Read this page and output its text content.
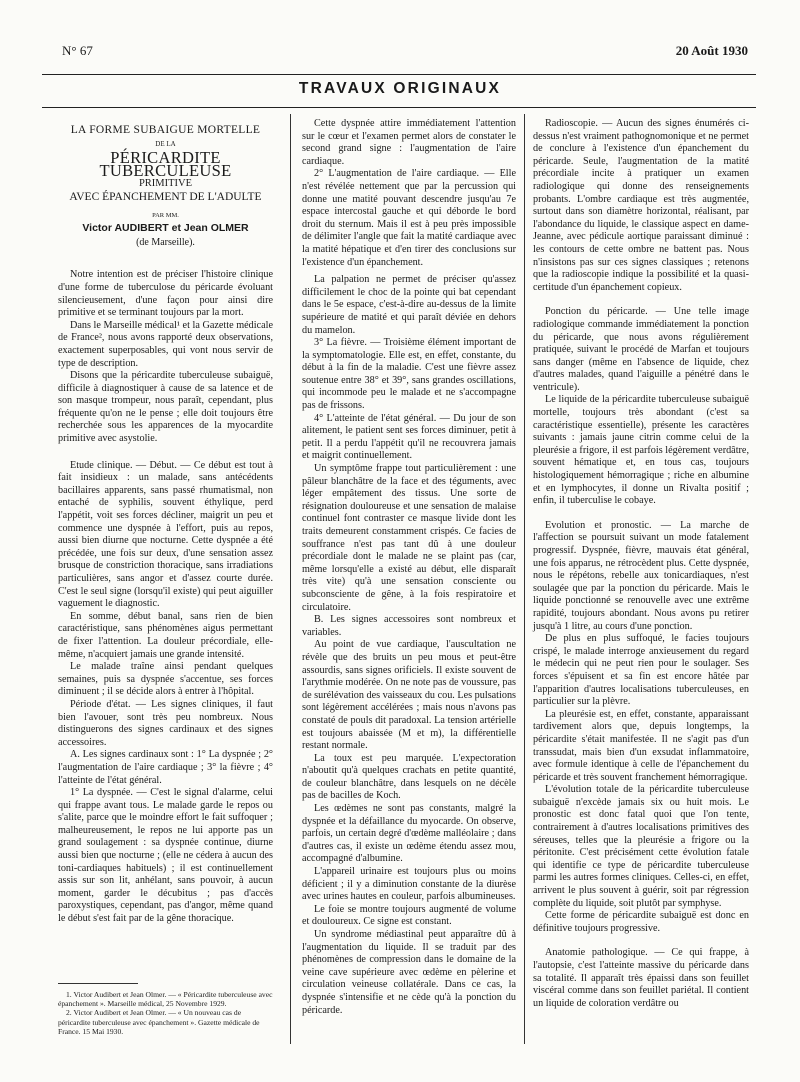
N° 67	20 Août 1930
TRAVAUX ORIGINAUX
LA FORME SUBAIGUE MORTELLE
DE LA
PÉRICARDITE TUBERCULEUSE
PRIMITIVE
AVEC ÉPANCHEMENT DE L'ADULTE
PAR MM.
Victor AUDIBERT et Jean OLMER
(de Marseille).

Notre intention est de préciser l'histoire clinique d'une forme de tuberculose du péricarde évoluant silencieusement, d'une façon pour ainsi dire primitive et se terminant toujours par la mort.

Dans le Marseille médical¹ et la Gazette médicale de France², nous avons rapporté deux observations, exactement superposables, qui vont nous servir de type de description.

Disons que la péricardite tuberculeuse subaiguë, difficile à diagnostiquer à cause de sa latence et de son masque trompeur, nous paraît, cependant, plus fréquente qu'on ne le pense ; elle doit toujours être recherchée sous les apparences de la myocardite primitive avec asystolie.

Etude clinique. — Début. — Ce début est tout à fait insidieux : un malade, sans antécédents bacillaires apparents, sans passé rhumatismal, non entaché de syphilis, souvent éthylique, perd l'appétit, voit ses forces décliner, maigrit un peu et commence une dyspnée à l'effort, puis au repos, aussi bien diurne que nocturne. Cette dyspnée a été précédée, une fois sur deux, d'une sensation assez brusque de constriction thoracique, sans irradiations particulières, sans angor et d'assez courte durée. C'est le seul signe (lorsqu'il existe) qui peut aiguiller vaguement le diagnostic.

En somme, début banal, sans rien de bien caractéristique, sans phénomènes aigus permettant de fixer l'attention. La douleur précordiale, elle-même, n'acquiert jamais une grande intensité.

Le malade traîne ainsi pendant quelques semaines, puis sa dyspnée s'accentue, ses forces diminuent ; il se décide alors à entrer à l'hôpital.

Période d'état. — Les signes cliniques, il faut bien l'avouer, sont très peu nombreux. Nous distinguerons des signes cardinaux et des signes accessoires.

A. Les signes cardinaux sont : 1° La dyspnée ; 2° l'augmentation de l'aire cardiaque ; 3° la fièvre ; 4° l'atteinte de l'état général.

1° La dyspnée. — C'est le signal d'alarme, celui qui frappe avant tous. Le malade garde le repos ou s'alite, parce que le moindre effort le fait suffoquer ; malheureusement, le repos ne lui apporte pas un grand soulagement : sa dyspnée continue, diurne aussi bien que nocturne ; (elle ne cédera à aucun des toni-cardiaques habituels) ; il est continuellement assis sur son lit, anhélant, sans pouvoir, à aucun moment, garder le décubitus ; pas d'accès paroxystiques, cependant, pas d'angor, même quand le début s'est fait par de la gêne thoracique.

1. Victor Audibert et Jean Olmer. — « Péricardite tuberculeuse avec épanchement ». Marseille médical, 25 Novembre 1929.

2. Victor Audibert et Jean Olmer. — « Un nouveau cas de péricardite tuberculeuse avec épanchement ». Gazette médicale de France. 15 Mai 1930.

Cette dyspnée attire immédiatement l'attention sur le cœur et l'examen permet alors de constater le second grand signe : l'augmentation de l'aire cardiaque.

2° L'augmentation de l'aire cardiaque. — Elle n'est révélée nettement que par la percussion qui donne une matité pouvant descendre jusqu'au 7e espace intercostal gauche et qui déborde le bord droit du sternum. Mais il est à peu près impossible de délimiter l'angle que fait la matité cardiaque avec la matité hépatique et d'en tirer des conclusions sur l'existence d'un épanchement.

La palpation ne permet de préciser qu'assez difficilement le choc de la pointe qui bat cependant dans le 5e espace, c'est-à-dire au-dessus de la limite supérieure de matité et qui paraît déviée en dehors du mamelon.

3° La fièvre. — Troisième élément important de la symptomatologie. Elle est, en effet, constante, du début à la fin de la maladie. C'est une fièvre assez soutenue entre 38° et 39°, sans grandes oscillations, qui incommode peu le malade et ne s'accompagne pas de frissons.

4° L'atteinte de l'état général. — Du jour de son alitement, le patient sent ses forces diminuer, petit à petit. Il a perdu l'appétit qu'il ne recouvrera jamais et maigrit continuellement.

Un symptôme frappe tout particulièrement : une pâleur blanchâtre de la face et des téguments, avec léger empâtement des tissus. Une sorte de résignation douloureuse et une sensation de malaise continuel font contraster ce masque livide dont les traits demeurent constamment crispés. Ce facies de souffrance n'est pas tant dû à une douleur précordiale dont le malade ne se plaint pas (car, même lorsqu'elle a existé au début, elle disparaît très vite) qu'à une sensation consciente ou subconsciente de gêne, à la fois respiratoire et circulatoire.

B. Les signes accessoires sont nombreux et variables.

Au point de vue cardiaque, l'auscultation ne révèle que des bruits un peu mous et peut-être assourdis, sans signes orificiels. Il existe souvent de l'arythmie modérée. On ne note pas de voussure, pas de surélévation des vaisseaux du cou. Les pulsations sont légèrement accélérées ; mais nous n'avons pas constaté de pouls dit paradoxal. La tension artérielle est toujours abaissée (M et m), la différentielle restant normale.

La toux est peu marquée. L'expectoration n'aboutit qu'à quelques crachats en petite quantité, de couleur blanchâtre, dans lesquels on ne décèle pas de bacilles de Koch.

Les œdèmes ne sont pas constants, malgré la dyspnée et la défaillance du myocarde. On observe, parfois, un certain degré d'œdème malléolaire ; dans d'autres cas, il existe un œdème étendu assez mou, accompagné d'albumine.

L'appareil urinaire est toujours plus ou moins déficient ; il y a diminution constante de la diurèse avec urines hautes en couleur, parfois albumineuses.

Le foie se montre toujours augmenté de volume et douloureux. Ce signe est constant.

Un syndrome médiastinal peut apparaître dû à l'augmentation du liquide. Il se traduit par des phénomènes de compression dans le domaine de la veine cave supérieure avec œdème en pèlerine et circulation veineuse collatérale. Dans ce cas, la dyspnée s'intensifie et ne cède qu'à la ponction du péricarde.

Radioscopie. — Aucun des signes énumérés ci-dessus n'est vraiment pathognomonique et ne permet de conclure à l'existence d'un épanchement du péricarde. Seule, l'augmentation de la matité précordiale incite à pratiquer un examen radiologique qui donne des renseignements probants. L'ombre cardiaque est très augmentée, surtout dans son diamètre horizontal, réalisant, par l'abondance du liquide, le classique aspect en dame-Jeanne, avec pédicule aortique paraissant diminué : les contours de cette ombre ne battent pas. Nous n'insistons pas sur ces signes classiques ; retenons que la radioscopie indique la possibilité et la quasi-certitude d'un épanchement copieux.

Ponction du péricarde. — Une telle image radiologique commande immédiatement la ponction du péricarde, que nous avons régulièrement pratiquée, suivant le procédé de Marfan et toujours sans danger (même en l'absence de liquide, chez d'autres malades, quand l'aiguille a pénétré dans le ventricule).

Le liquide de la péricardite tuberculeuse subaiguë mortelle, toujours très abondant (c'est sa caractéristique essentielle), présente les caractères suivants : jamais jaune citrin comme celui de la pleurésie a frigore, il est parfois légèrement verdâtre, souvent hématique et, en tous cas, toujours histologiquement hémorragique ; riche en albumine et en lymphocytes, il donne un Rivalta positif ; enfin, il tuberculise le cobaye.

Evolution et pronostic. — La marche de l'affection se poursuit suivant un mode fatalement progressif. Dyspnée, fièvre, mauvais état général, une fois apparus, ne rétrocèdent plus. Cette dyspnée, nous le répétons, rebelle aux tonicardiaques, n'est soulagée que par la ponction du péricarde. Mais le liquide ponctionné se renouvelle avec une extrême rapidité, toujours abondant. Nous avons pu retirer jusqu'à 1 litre, au cours d'une ponction.

De plus en plus suffoqué, le facies toujours crispé, le malade interroge anxieusement du regard le médecin qui ne peut rien pour le soulager. Ses forces s'épuisent et sa fin est encore hâtée par l'apparition d'autres localisations tuberculeuses, en particulier sur la plèvre.

La pleurésie est, en effet, constante, apparaissant tardivement alors que, depuis longtemps, la péricardite s'était manifestée. Il ne s'agit pas d'un transsudat, mais bien d'un exsudat inflammatoire, avec formule identique à celle de l'épanchement du péricarde et très souvent franchement hémorragique.

L'évolution totale de la péricardite tuberculeuse subaiguë n'excède jamais six ou huit mois. Le pronostic est donc fatal quoi que l'on tente, contrairement à d'autres localisations primitives des séreuses, telles que la pleurésie a frigore ou la péritonite. C'est précisément cette évolution fatale qui identifie ce type de péricardite tuberculeuse parmi les autres formes cliniques. Celles-ci, en effet, arrivent le plus souvent à guérir, soit par régression complète du liquide, soit plutôt par symphyse.

Cette forme de péricardite subaiguë est donc en définitive toujours progressive.

Anatomie pathologique. — Ce qui frappe, à l'autopsie, c'est l'atteinte massive du péricarde dans sa totalité. Il apparaît très épaissi dans son feuillet viscéral comme dans son feuillet pariétal. Il contient un liquide de coloration verdâtre ou
